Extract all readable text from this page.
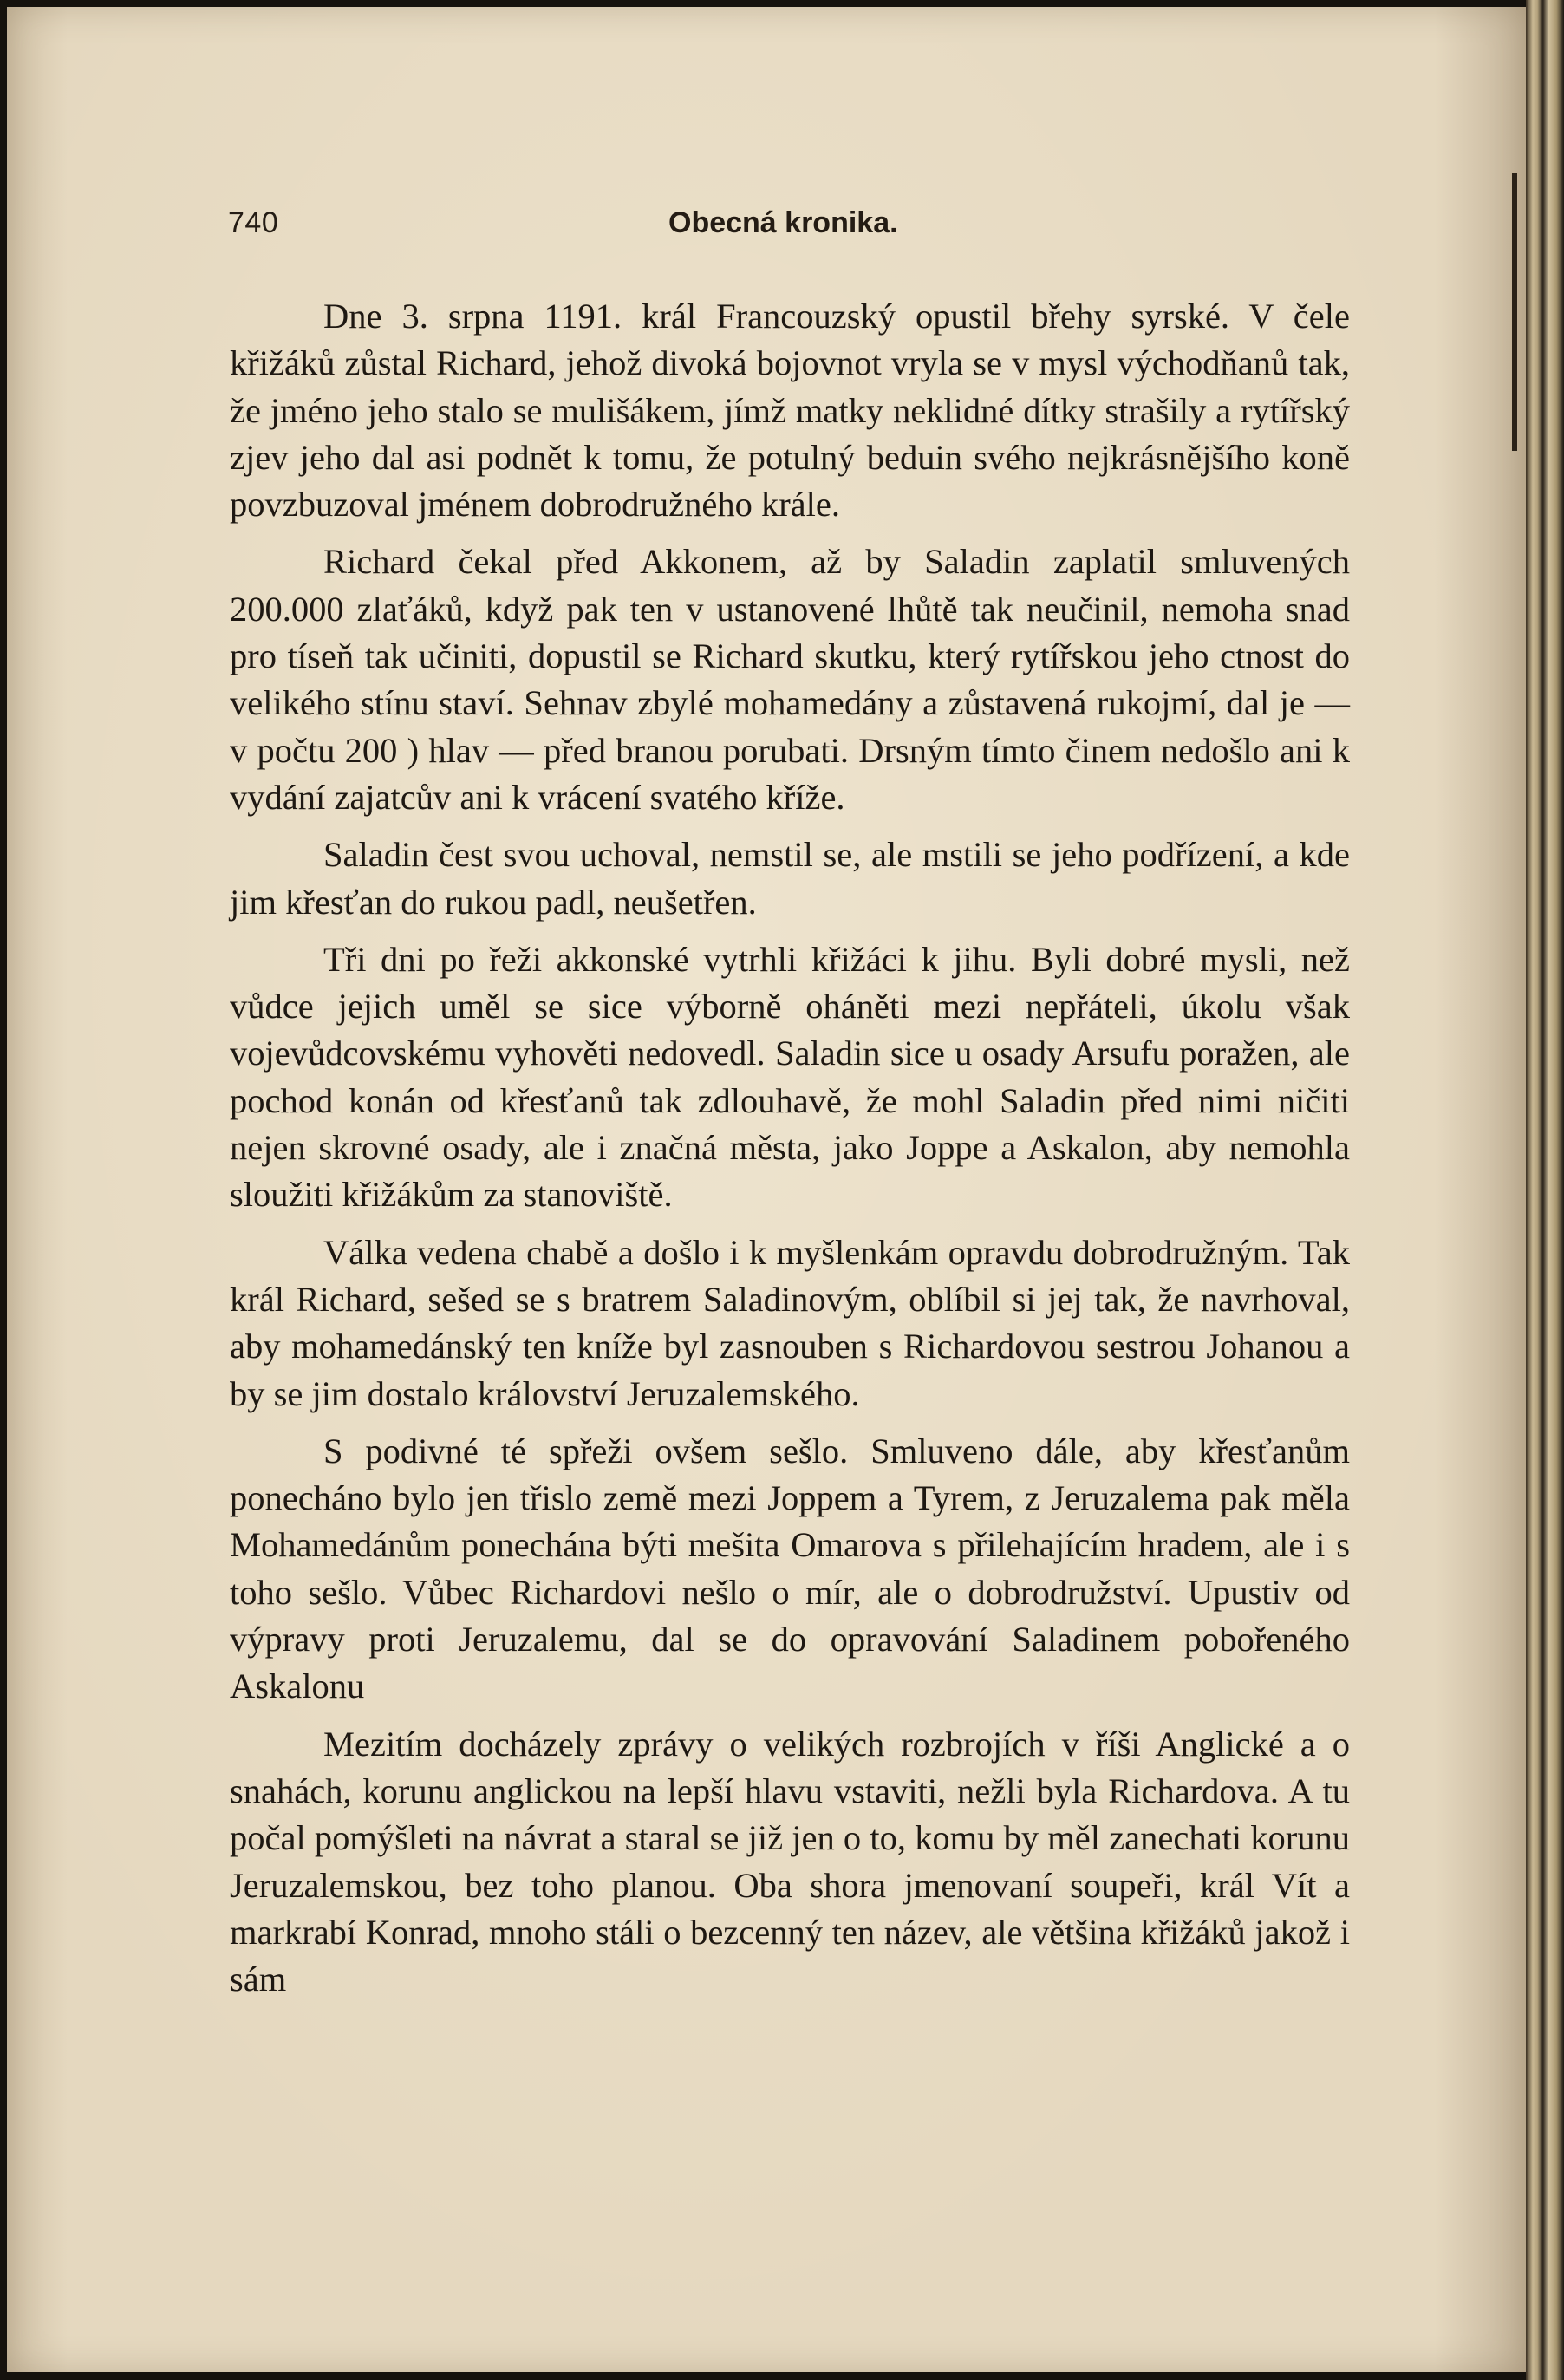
740	Obecná kronika.

Dne 3. srpna 1191. král Francouzský opustil břehy syrské. V čele křižáků zůstal Richard, jehož divoká bojovnot vryla se v mysl východňanů tak, že jméno jeho stalo se mulišákem, jímž matky neklidné dítky strašily a rytířský zjev jeho dal asi podnět k tomu, že potulný beduin svého nejkrásnějšího koně povzbuzoval jménem dobrodružného krále.

Richard čekal před Akkonem, až by Saladin zaplatil smluvených 200.000 zlaťáků, když pak ten v ustanovené lhůtě tak neučinil, nemoha snad pro tíseň tak učiniti, dopustil se Richard skutku, který rytířskou jeho ctnost do velikého stínu staví. Sehnav zbylé mohamedány a zůstavená rukojmí, dal je — v počtu 200 ) hlav — před branou porubati. Drsným tímto činem nedošlo ani k vydání zajatcův ani k vrácení svatého kříže.

Saladin čest svou uchoval, nemstil se, ale mstili se jeho podřízení, a kde jim křesťan do rukou padl, neušetřen.

Tři dni po řeži akkonské vytrhli křižáci k jihu. Byli dobré mysli, než vůdce jejich uměl se sice výborně oháněti mezi nepřáteli, úkolu však vojevůdcovskému vyhověti nedovedl. Saladin sice u osady Arsufu poražen, ale pochod konán od křesťanů tak zdlouhavě, že mohl Saladin před nimi ničiti nejen skrovné osady, ale i značná města, jako Joppe a Askalon, aby nemohla sloužiti křižákům za stanoviště.

Válka vedena chabě a došlo i k myšlenkám opravdu dobrodružným. Tak král Richard, sešed se s bratrem Saladinovým, oblíbil si jej tak, že navrhoval, aby mohamedánský ten kníže byl zasnouben s Richardovou sestrou Johanou a by se jim dostalo království Jeruzalemského.

S podivné té spřeži ovšem sešlo. Smluveno dále, aby křesťanům ponecháno bylo jen třislo země mezi Joppem a Tyrem, z Jeruzalema pak měla Mohamedánům ponechána býti mešita Omarova s přilehajícím hradem, ale i s toho sešlo. Vůbec Richardovi nešlo o mír, ale o dobrodružství. Upustiv od výpravy proti Jeruzalemu, dal se do opravování Saladinem pobořeného Askalonu

Mezitím docházely zprávy o velikých rozbrojích v říši Anglické a o snahách, korunu anglickou na lepší hlavu vstaviti, nežli byla Richardova. A tu počal pomýšleti na návrat a staral se již jen o to, komu by měl zanechati korunu Jeruzalemskou, bez toho planou. Oba shora jmenovaní soupeři, král Vít a markrabí Konrad, mnoho stáli o bezcenný ten název, ale většina křižáků jakož i sám
